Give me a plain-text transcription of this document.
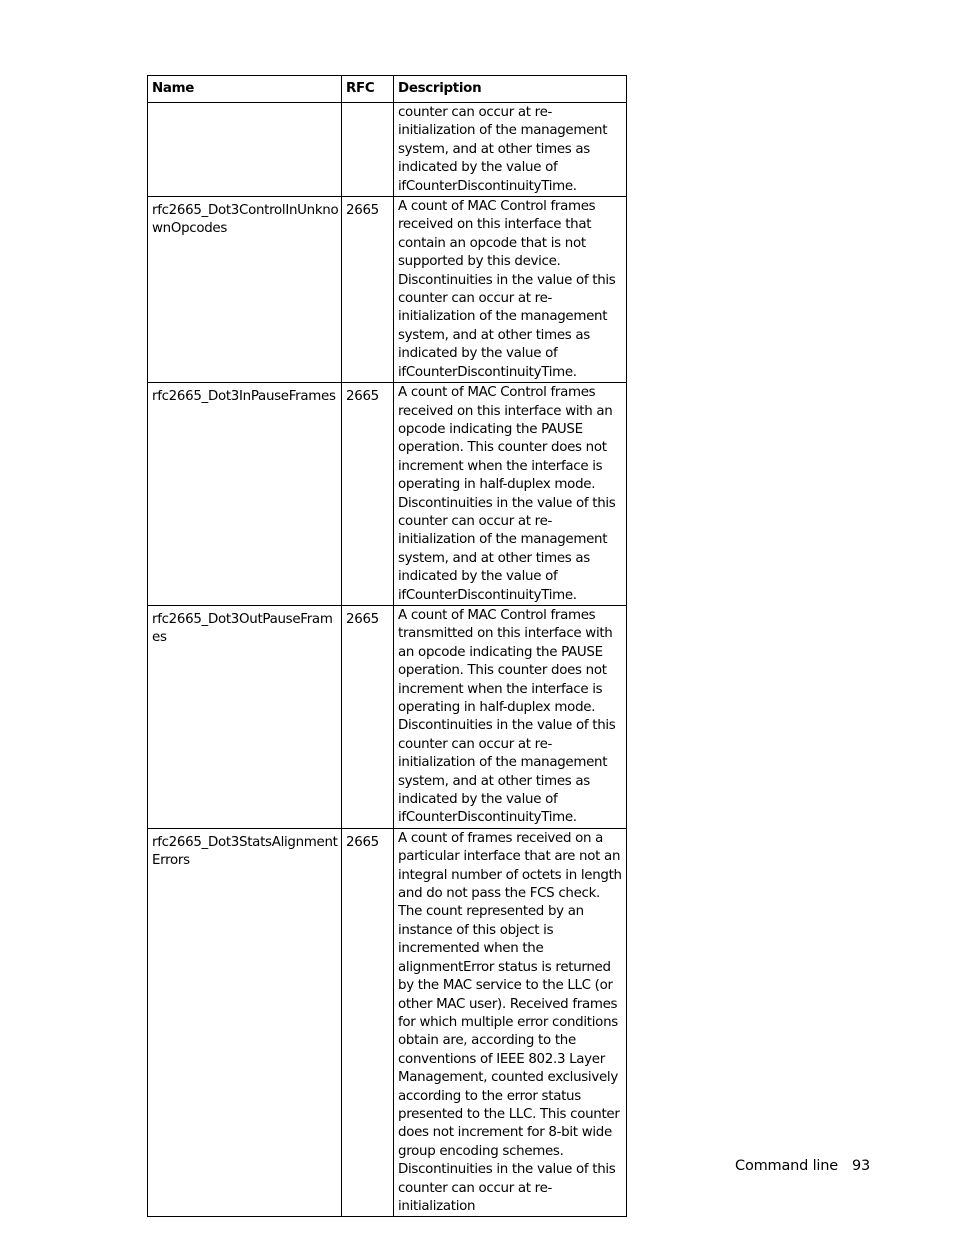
Name	RFC	Description
		counter can occur at re-initialization of the management system, and at other times as indicated by the value of ifCounterDiscontinuityTime.
rfc2665_Dot3ControlInUnknownOpcodes	2665	A count of MAC Control frames received on this interface that contain an opcode that is not supported by this device. Discontinuities in the value of this counter can occur at re-initialization of the management system, and at other times as indicated by the value of ifCounterDiscontinuityTime.
rfc2665_Dot3InPauseFrames	2665	A count of MAC Control frames received on this interface with an opcode indicating the PAUSE operation. This counter does not increment when the interface is operating in half-duplex mode. Discontinuities in the value of this counter can occur at re-initialization of the management system, and at other times as indicated by the value of ifCounterDiscontinuityTime.
rfc2665_Dot3OutPauseFrames	2665	A count of MAC Control frames transmitted on this interface with an opcode indicating the PAUSE operation. This counter does not increment when the interface is operating in half-duplex mode. Discontinuities in the value of this counter can occur at re-initialization of the management system, and at other times as indicated by the value of ifCounterDiscontinuityTime.
rfc2665_Dot3StatsAlignmentErrors	2665	A count of frames received on a particular interface that are not an integral number of octets in length and do not pass the FCS check. The count represented by an instance of this object is incremented when the alignmentError status is returned by the MAC service to the LLC (or other MAC user). Received frames for which multiple error conditions obtain are, according to the conventions of IEEE 802.3 Layer Management, counted exclusively according to the error status presented to the LLC. This counter does not increment for 8-bit wide group encoding schemes. Discontinuities in the value of this counter can occur at re-initialization
Command line 93
